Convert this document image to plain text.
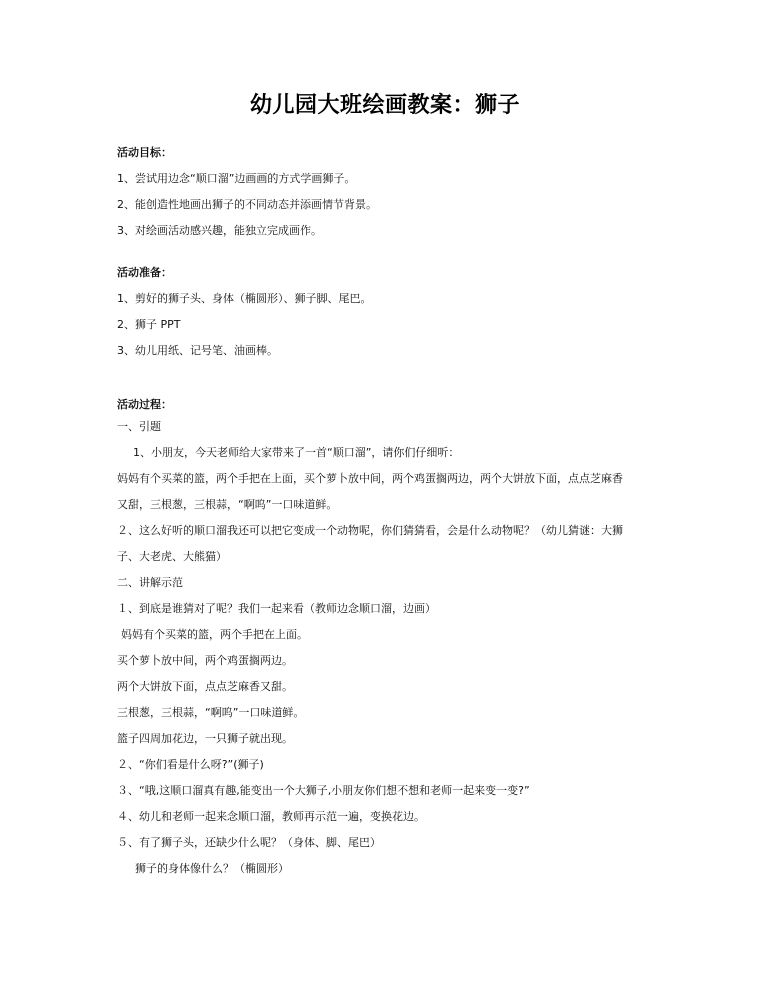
幼儿园大班绘画教案：狮子

活动目标：

1、尝试用边念“顺口溜”边画画的方式学画狮子。

2、能创造性地画出狮子的不同动态并添画情节背景。

3、对绘画活动感兴趣，能独立完成画作。

活动准备：

1、剪好的狮子头、身体（椭圆形）、狮子脚、尾巴。

2、狮子 PPT

3、幼儿用纸、记号笔、油画棒。

活动过程：

一、引题

1、小朋友，今天老师给大家带来了一首“顺口溜”，请你们仔细听：

妈妈有个买菜的篮，两个手把在上面，买个萝卜放中间，两个鸡蛋搁两边，两个大饼放下面，点点芝麻香

又甜，三根葱，三根蒜，“啊呜”一口味道鲜。

２、这么好听的顺口溜我还可以把它变成一个动物呢，你们猜猜看，会是什么动物呢？（幼儿猜谜：大狮

子、大老虎、大熊猫）

二、讲解示范

１、到底是谁猜对了呢？我们一起来看（教师边念顺口溜，边画）

妈妈有个买菜的篮，两个手把在上面。

买个萝卜放中间，两个鸡蛋搁两边。

两个大饼放下面，点点芝麻香又甜。

三根葱，三根蒜，“啊呜”一口味道鲜。

篮子四周加花边，一只狮子就出现。

２、“你们看是什么呀?”(狮子)

３、“哦,这顺口溜真有趣,能变出一个大狮子,小朋友你们想不想和老师一起来变一变?”

４、幼儿和老师一起来念顺口溜，教师再示范一遍，变换花边。

５、有了狮子头，还缺少什么呢？（身体、脚、尾巴）

狮子的身体像什么？（椭圆形）
